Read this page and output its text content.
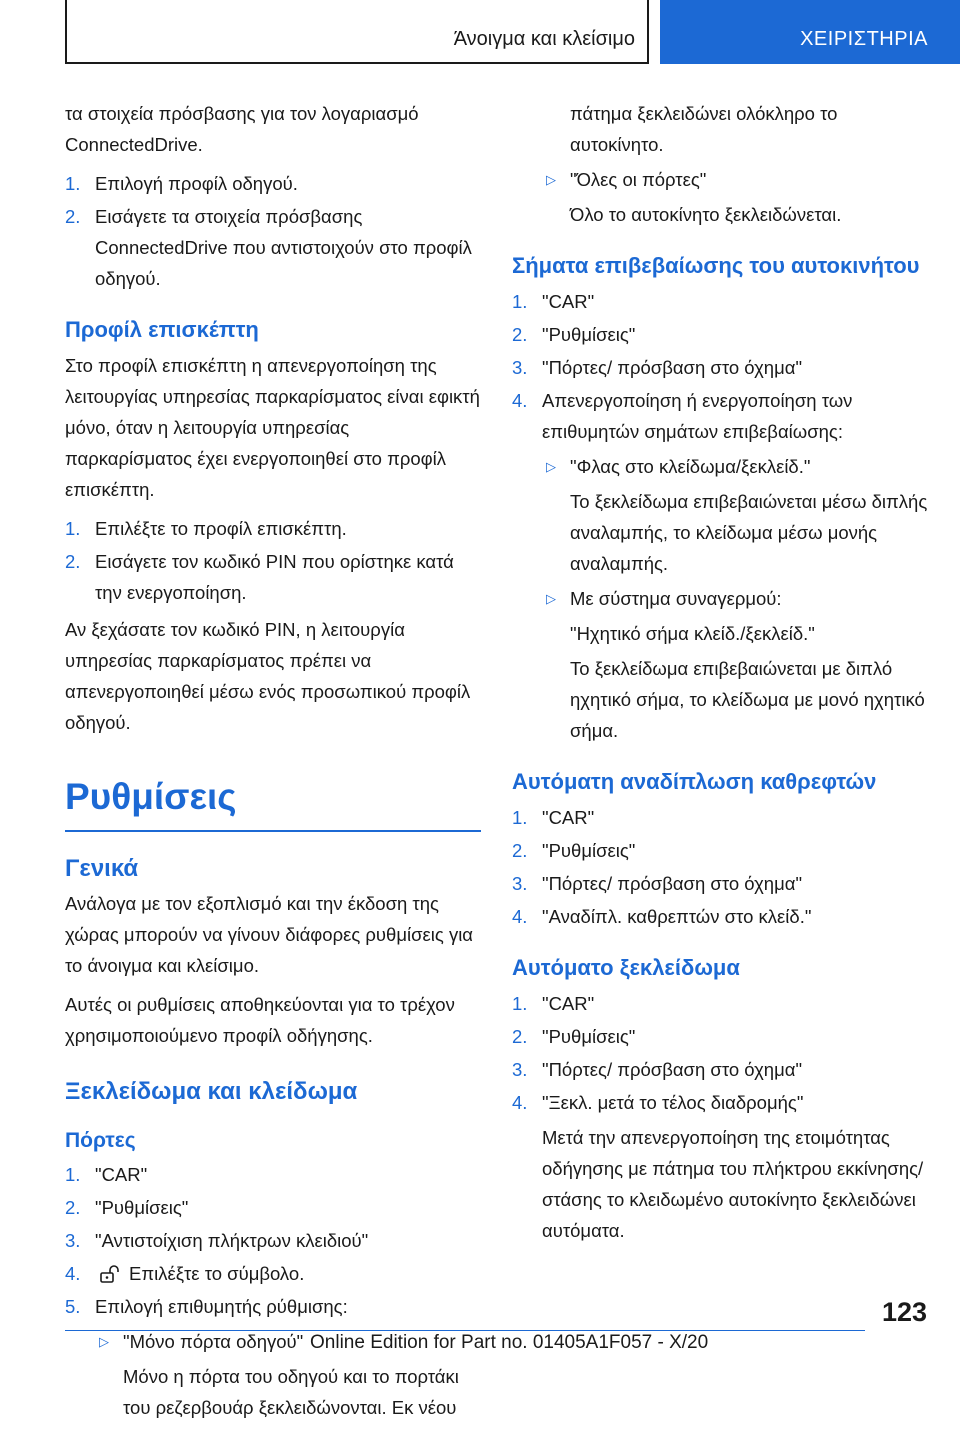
Άνοιγμα και κλείσιμο	ΧΕΙΡΙΣΤΗΡΙΑ

τα στοιχεία πρόσβασης για τον λογαριασμό ConnectedDrive.

1. Επιλογή προφίλ οδηγού.
2. Εισάγετε τα στοιχεία πρόσβασης ConnectedDrive που αντιστοιχούν στο προφίλ οδηγού.
Προφίλ επισκέπτη

Στο προφίλ επισκέπτη η απενεργοποίηση της λειτουργίας υπηρεσίας παρκαρίσματος είναι εφικτή μόνο, όταν η λειτουργία υπηρεσίας παρκαρίσματος έχει ενεργοποιηθεί στο προφίλ επισκέπτη.

1. Επιλέξτε το προφίλ επισκέπτη.
2. Εισάγετε τον κωδικό PIN που ορίστηκε κατά την ενεργοποίηση.

Αν ξεχάσατε τον κωδικό PIN, η λειτουργία υπηρεσίας παρκαρίσματος πρέπει να απενεργοποιηθεί μέσω ενός προσωπικού προφίλ οδηγού.

Ρυθμίσεις
Γενικά

Ανάλογα με τον εξοπλισμό και την έκδοση της χώρας μπορούν να γίνουν διάφορες ρυθμίσεις για το άνοιγμα και κλείσιμο.

Αυτές οι ρυθμίσεις αποθηκεύονται για το τρέχον χρησιμοποιούμενο προφίλ οδήγησης.

Ξεκλείδωμα και κλείδωμα
Πόρτες
1. "CAR"
2. "Ρυθμίσεις"
3. "Αντιστοίχιση πλήκτρων κλειδιού"
4.	Επιλέξτε το σύμβολο.
5. Επιλογή επιθυμητής ρύθμισης:
▷ "Μόνο πόρτα οδηγού"
Μόνο η πόρτα του οδηγού και το πορτάκι του ρεζερβουάρ ξεκλειδώνονται. Εκ νέου
πάτημα ξεκλειδώνει ολόκληρο το αυτοκίνητο.
▷ "Όλες οι πόρτες"
Όλο το αυτοκίνητο ξεκλειδώνεται.
Σήματα επιβεβαίωσης του αυτοκινήτου
1. "CAR"
2. "Ρυθμίσεις"
3. "Πόρτες/ πρόσβαση στο όχημα"
4. Απενεργοποίηση ή ενεργοποίηση των επιθυμητών σημάτων επιβεβαίωσης:
▷ "Φλας στο κλείδωμα/ξεκλείδ."
Το ξεκλείδωμα επιβεβαιώνεται μέσω διπλής αναλαμπής, το κλείδωμα μέσω μονής αναλαμπής.
▷ Με σύστημα συναγερμού:
"Ηχητικό σήμα κλείδ./ξεκλείδ."
Το ξεκλείδωμα επιβεβαιώνεται με διπλό ηχητικό σήμα, το κλείδωμα με μονό ηχητικό σήμα.
Αυτόματη αναδίπλωση καθρεφτών
1. "CAR"
2. "Ρυθμίσεις"
3. "Πόρτες/ πρόσβαση στο όχημα"
4. "Αναδίπλ. καθρεπτών στο κλείδ."
Αυτόματο ξεκλείδωμα
1. "CAR"
2. "Ρυθμίσεις"
3. "Πόρτες/ πρόσβαση στο όχημα"
4. "Ξεκλ. μετά το τέλος διαδρομής"
Μετά την απενεργοποίηση της ετοιμότητας οδήγησης με πάτημα του πλήκτρου εκκίνησης/στάσης το κλειδωμένο αυτοκίνητο ξεκλειδώνει αυτόματα.
123
Online Edition for Part no. 01405A1F057 - X/20
